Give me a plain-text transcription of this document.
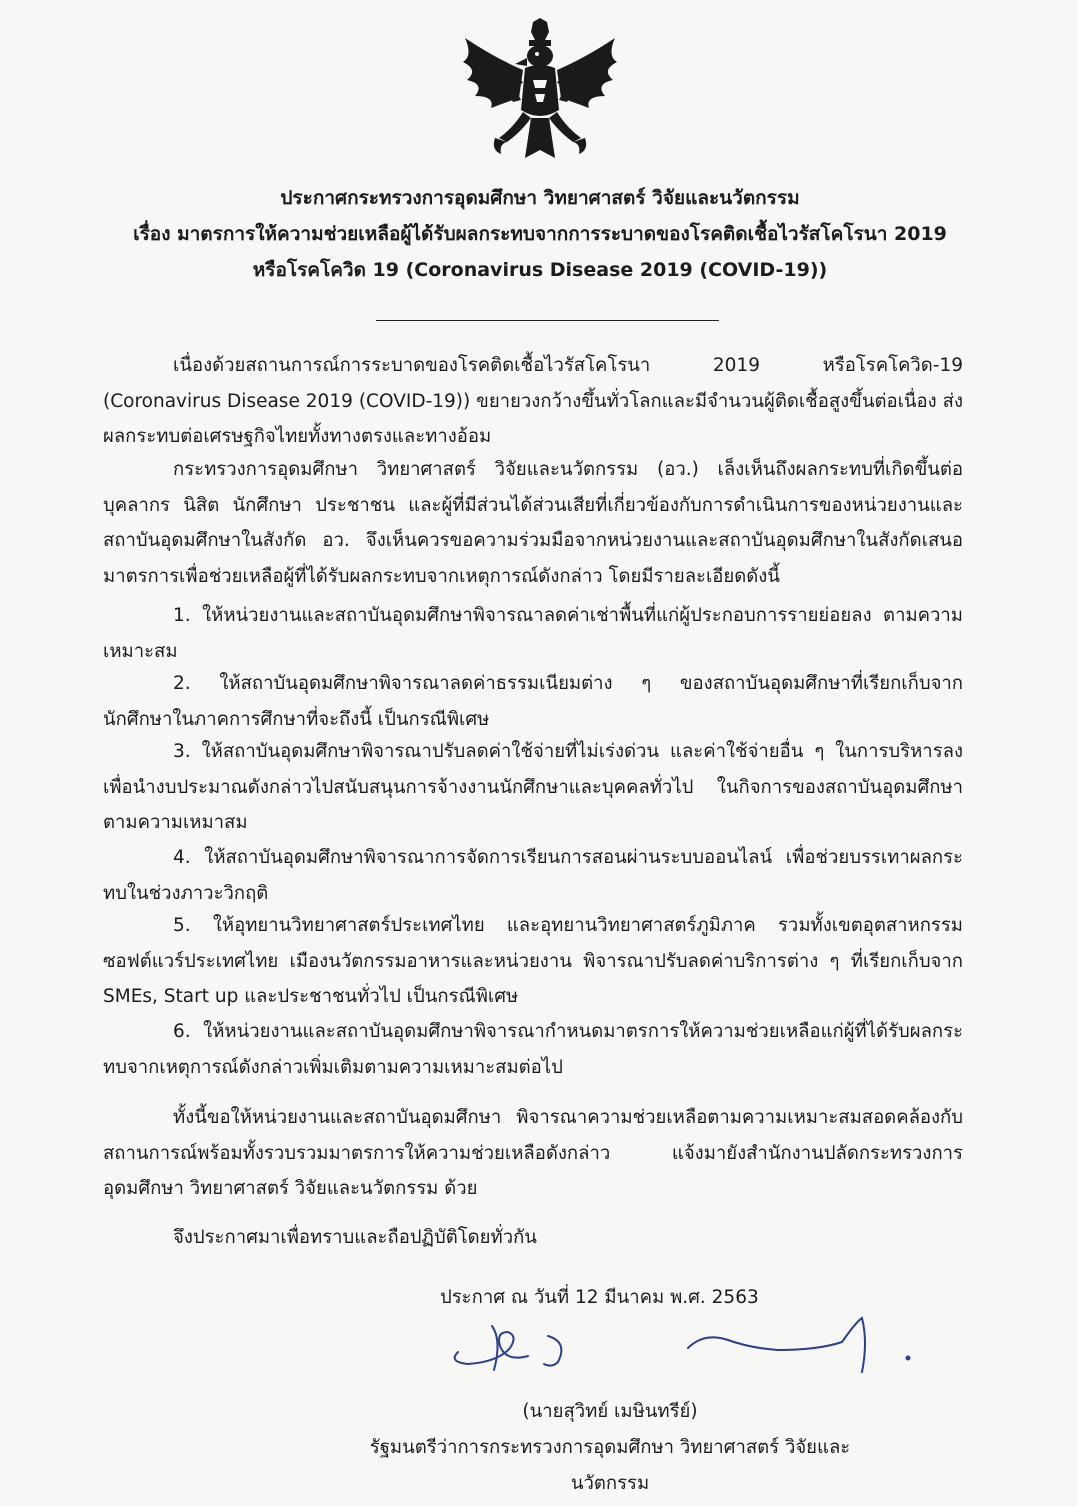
ประกาศกระทรวงการอุดมศึกษา วิทยาศาสตร์ วิจัยและนวัตกรรม
เรื่อง มาตรการให้ความช่วยเหลือผู้ได้รับผลกระทบจากการระบาดของโรคติดเชื้อไวรัสโคโรนา 2019
หรือโรคโควิด 19 (Coronavirus Disease 2019 (COVID-19))

เนื่องด้วยสถานการณ์การระบาดของโรคติดเชื้อไวรัสโคโรนา 2019 หรือโรคโควิด-19 (Coronavirus Disease 2019 (COVID-19)) ขยายวงกว้างขึ้นทั่วโลกและมีจำนวนผู้ติดเชื้อสูงขึ้นต่อเนื่อง ส่งผลกระทบต่อเศรษฐกิจไทยทั้งทางตรงและทางอ้อม

กระทรวงการอุดมศึกษา วิทยาศาสตร์ วิจัยและนวัตกรรม (อว.) เล็งเห็นถึงผลกระทบที่เกิดขึ้นต่อบุคลากร นิสิต นักศึกษา ประชาชน และผู้ที่มีส่วนได้ส่วนเสียที่เกี่ยวข้องกับการดำเนินการของหน่วยงานและสถาบันอุดมศึกษาในสังกัด อว. จึงเห็นควรขอความร่วมมือจากหน่วยงานและสถาบันอุดมศึกษาในสังกัดเสนอมาตรการเพื่อช่วยเหลือผู้ที่ได้รับผลกระทบจากเหตุการณ์ดังกล่าว โดยมีรายละเอียดดังนี้

1. ให้หน่วยงานและสถาบันอุดมศึกษาพิจารณาลดค่าเช่าพื้นที่แก่ผู้ประกอบการรายย่อยลง ตามความเหมาะสม

2. ให้สถาบันอุดมศึกษาพิจารณาลดค่าธรรมเนียมต่าง ๆ ของสถาบันอุดมศึกษาที่เรียกเก็บจากนักศึกษาในภาคการศึกษาที่จะถึงนี้ เป็นกรณีพิเศษ

3. ให้สถาบันอุดมศึกษาพิจารณาปรับลดค่าใช้จ่ายที่ไม่เร่งด่วน และค่าใช้จ่ายอื่น ๆ ในการบริหารลงเพื่อนำงบประมาณดังกล่าวไปสนับสนุนการจ้างงานนักศึกษาและบุคคลทั่วไป ในกิจการของสถาบันอุดมศึกษาตามความเหมาสม

4. ให้สถาบันอุดมศึกษาพิจารณาการจัดการเรียนการสอนผ่านระบบออนไลน์ เพื่อช่วยบรรเทาผลกระทบในช่วงภาวะวิกฤติ

5. ให้อุทยานวิทยาศาสตร์ประเทศไทย และอุทยานวิทยาศาสตร์ภูมิภาค รวมทั้งเขตอุตสาหกรรมซอฟต์แวร์ประเทศไทย เมืองนวัตกรรมอาหารและหน่วยงาน พิจารณาปรับลดค่าบริการต่าง ๆ ที่เรียกเก็บจาก SMEs, Start up และประชาชนทั่วไป เป็นกรณีพิเศษ

6. ให้หน่วยงานและสถาบันอุดมศึกษาพิจารณากำหนดมาตรการให้ความช่วยเหลือแก่ผู้ที่ได้รับผลกระทบจากเหตุการณ์ดังกล่าวเพิ่มเติมตามความเหมาะสมต่อไป

ทั้งนี้ขอให้หน่วยงานและสถาบันอุดมศึกษา พิจารณาความช่วยเหลือตามความเหมาะสมสอดคล้องกับสถานการณ์พร้อมทั้งรวบรวมมาตรการให้ความช่วยเหลือดังกล่าว แจ้งมายังสำนักงานปลัดกระทรวงการอุดมศึกษา วิทยาศาสตร์ วิจัยและนวัตกรรม ด้วย

จึงประกาศมาเพื่อทราบและถือปฏิบัติโดยทั่วกัน

ประกาศ ณ วันที่ 12 มีนาคม พ.ศ. 2563
(นายสุวิทย์ เมษินทรีย์)
รัฐมนตรีว่าการกระทรวงการอุดมศึกษา วิทยาศาสตร์ วิจัยและนวัตกรรม
